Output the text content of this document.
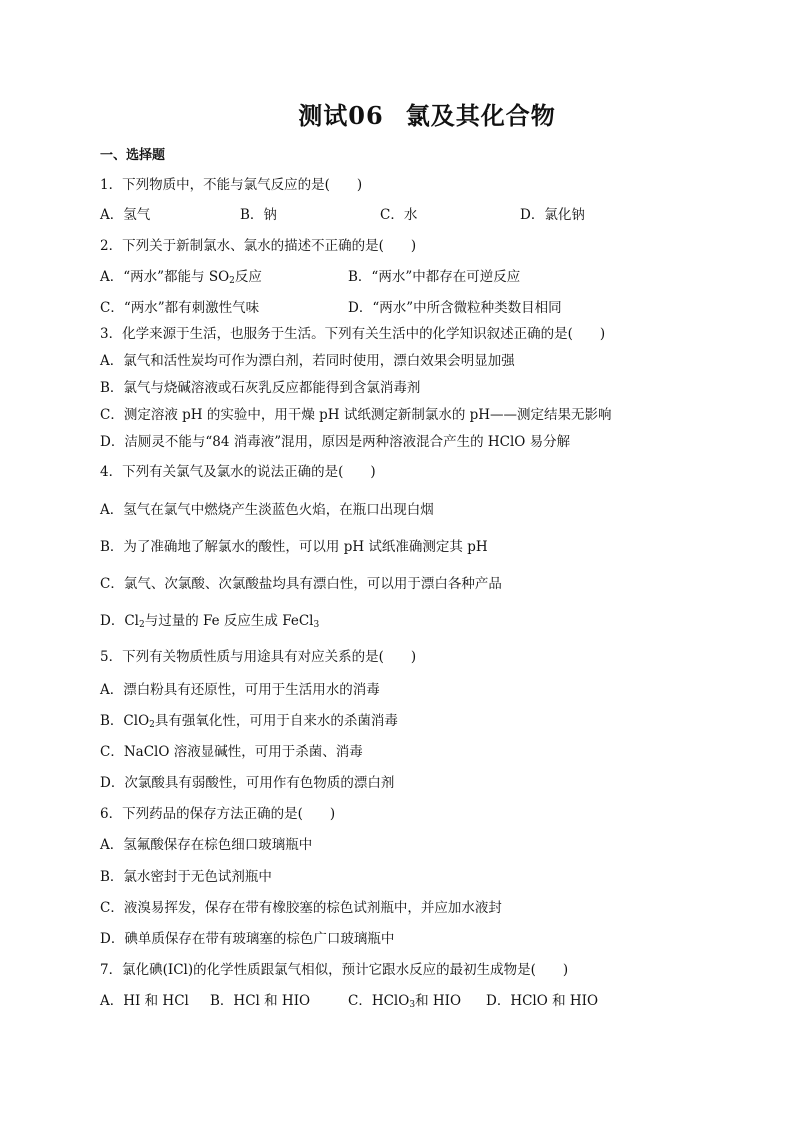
测试06 氯及其化合物
一、选择题
1．下列物质中，不能与氯气反应的是(　　)
A．氢气	B．钠	C．水	D．氯化钠
2．下列关于新制氯水、氯水的描述不正确的是(　　)
A．“两水”都能与 $SO_2$反应	B．“两水”中都存在可逆反应
C．“两水”都有刺激性气味	D．“两水”中所含微粒种类数目相同
3．化学来源于生活，也服务于生活。下列有关生活中的化学知识叙述正确的是(　　)
A．氯气和活性炭均可作为漂白剂，若同时使用，漂白效果会明显加强
B．氯气与烧碱溶液或石灰乳反应都能得到含氯消毒剂
C．测定溶液 pH 的实验中，用干燥 pH 试纸测定新制氯水的 pH——测定结果无影响
D．洁厕灵不能与“84 消毒液”混用，原因是两种溶液混合产生的 HClO 易分解
4．下列有关氯气及氯水的说法正确的是(　　)
A．氢气在氯气中燃烧产生淡蓝色火焰，在瓶口出现白烟
B．为了准确地了解氯水的酸性，可以用 pH 试纸准确测定其 pH
C．氯气、次氯酸、次氯酸盐均具有漂白性，可以用于漂白各种产品
D．$Cl_2$与过量的 Fe 反应生成 FeCl$_3$
5．下列有关物质性质与用途具有对应关系的是(　　)
A．漂白粉具有还原性，可用于生活用水的消毒
B．ClO$_2$具有强氧化性，可用于自来水的杀菌消毒
C．NaClO 溶液显碱性，可用于杀菌、消毒
D．次氯酸具有弱酸性，可用作有色物质的漂白剂
6．下列药品的保存方法正确的是(　　)
A．氢氟酸保存在棕色细口玻璃瓶中
B．氯水密封于无色试剂瓶中
C．液溴易挥发，保存在带有橡胶塞的棕色试剂瓶中，并应加水液封
D．碘单质保存在带有玻璃塞的棕色广口玻璃瓶中
7．氯化碘(ICl)的化学性质跟氯气相似，预计它跟水反应的最初生成物是(　　)
A．HI 和 HCl B．HCl 和 HIO	C．HClO$_3$和 HIO D．HClO 和 HIO
